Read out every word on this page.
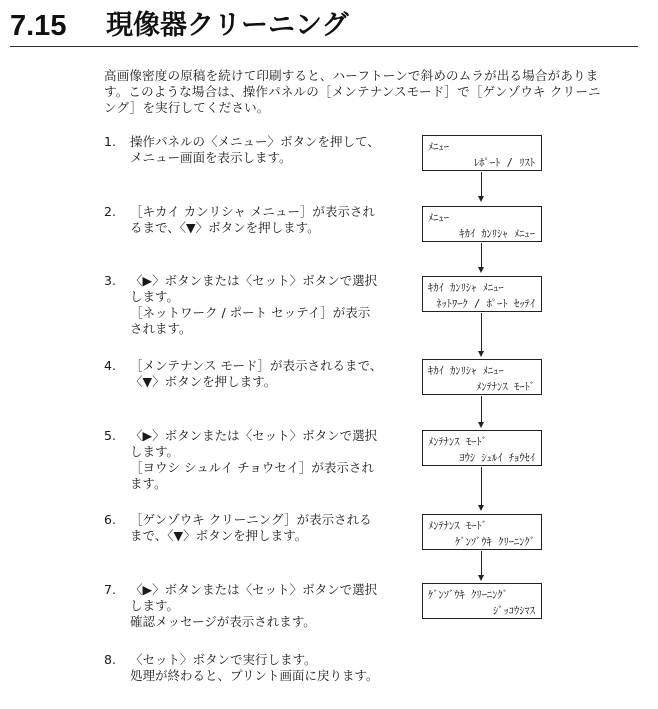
7.15 現像器クリーニング
高画像密度の原稿を続けて印刷すると、ハーフトーンで斜めのムラが出る場合がありま
す。このような場合は、操作パネルの［メンテナンスモード］で［ゲンゾウキ クリーニ
ング］を実行してください。
1.	操作パネルの〈メニュー〉ボタンを押して、
メニュー画面を表示します。
2.	［キカイ カンリシャ メニュー］が表示され
るまで、〈▼〉ボタンを押します。
3.	〈▶〉ボタンまたは〈セット〉ボタンで選択
します。
［ネットワーク / ポート セッテイ］が表示
されます。
4.	［メンテナンス モード］が表示されるまで、
〈▼〉ボタンを押します。
5.	〈▶〉ボタンまたは〈セット〉ボタンで選択
します。
［ヨウシ シュルイ チョウセイ］が表示され
ます。
6.	［ゲンゾウキ クリーニング］が表示される
まで、〈▼〉ボタンを押します。
7.	〈▶〉ボタンまたは〈セット〉ボタンで選択
します。
確認メッセージが表示されます。
8.	〈セット〉ボタンで実行します。
処理が終わると、プリント画面に戻ります。
ﾒﾆｭｰ
ﾚﾎﾟｰﾄ / ﾘｽﾄ
ﾒﾆｭｰ
ｷｶｲ ｶﾝﾘｼｬ ﾒﾆｭｰ
ｷｶｲ ｶﾝﾘｼｬ ﾒﾆｭｰ
ﾈｯﾄﾜｰｸ / ﾎﾟｰﾄ ｾｯﾃｲ
ｷｶｲ ｶﾝﾘｼｬ ﾒﾆｭｰ
ﾒﾝﾃﾅﾝｽ ﾓｰﾄﾞ
ﾒﾝﾃﾅﾝｽ ﾓｰﾄﾞ
ﾖｳｼ ｼｭﾙｲ ﾁｮｳｾｲ
ﾒﾝﾃﾅﾝｽ ﾓｰﾄﾞ
ｹﾞﾝｿﾞｳｷ ｸﾘｰﾆﾝｸﾞ
ｹﾞﾝｿﾞｳｷ ｸﾘｰﾆﾝｸﾞ
ｼﾞｯｺｳｼﾏｽ
